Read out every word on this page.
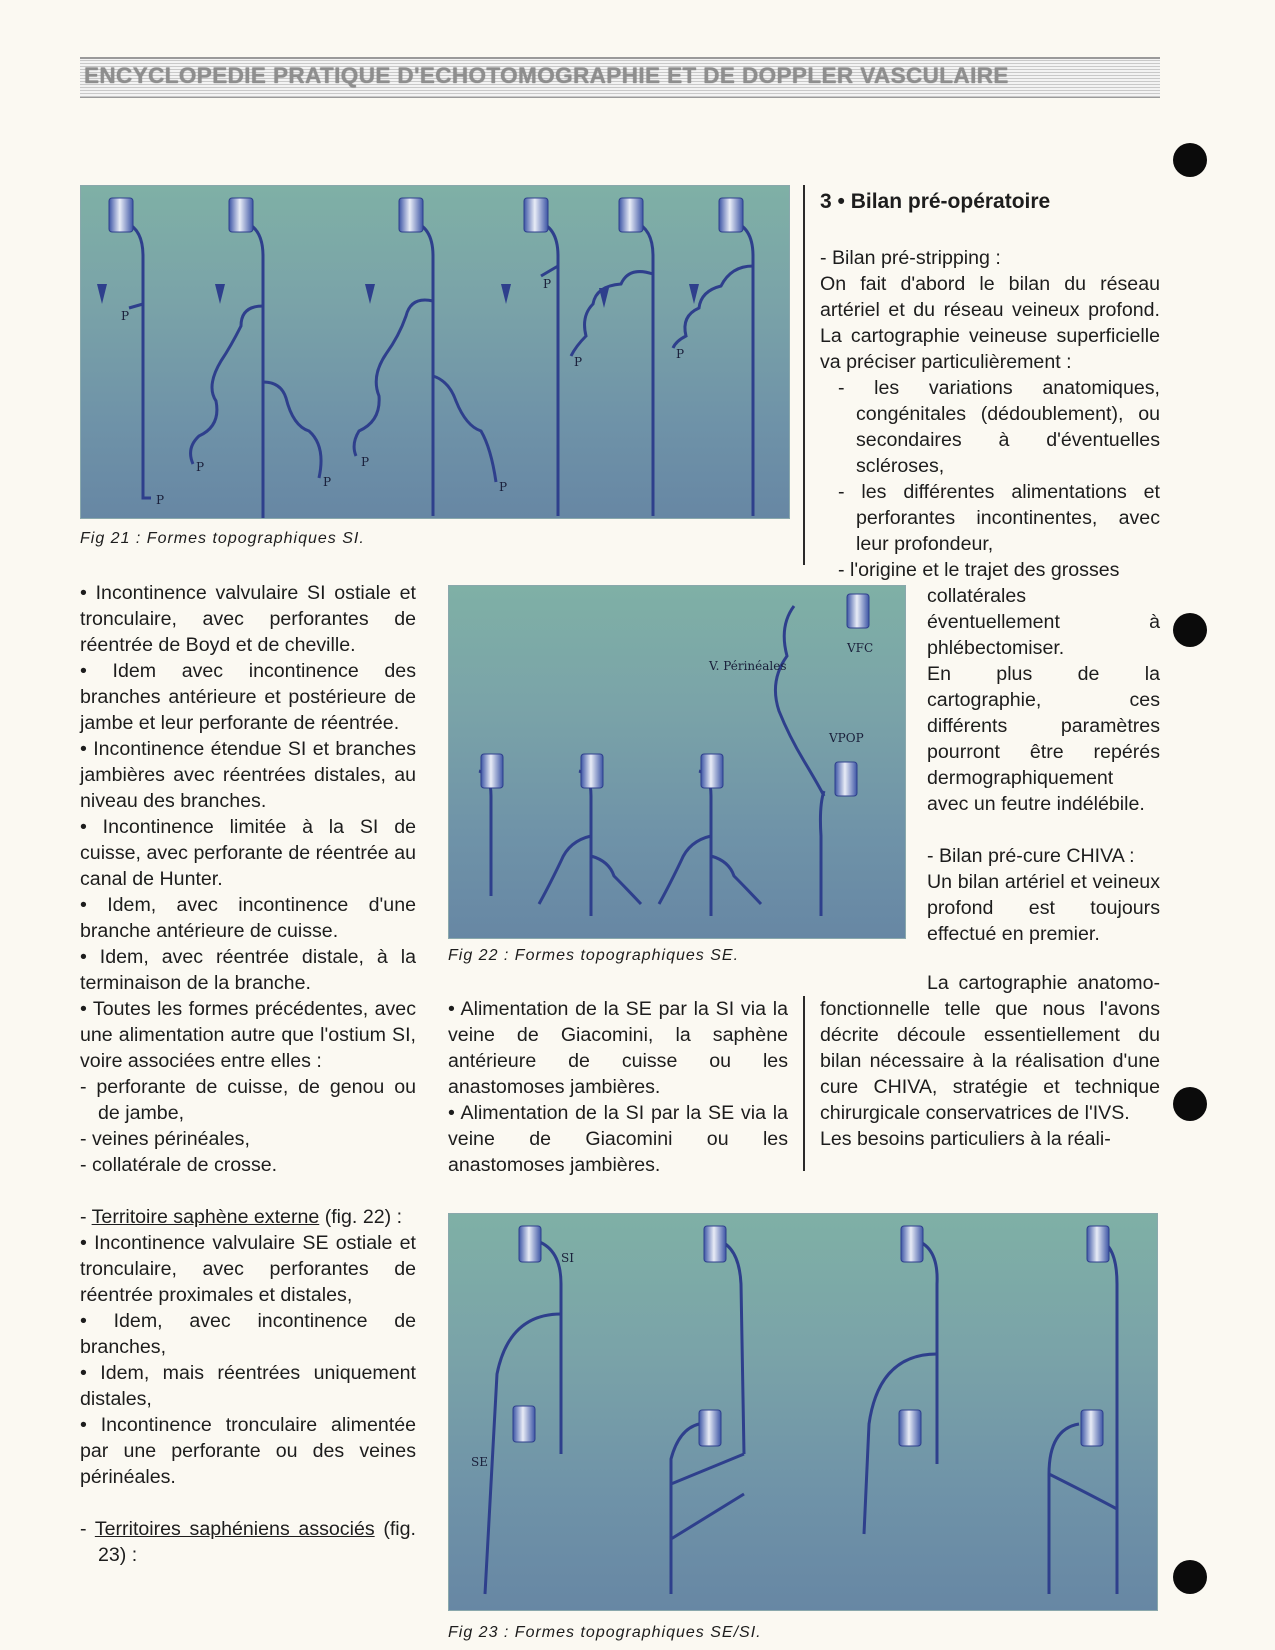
ENCYCLOPEDIE PRATIQUE D'ECHOTOMOGRAPHIE ET DE DOPPLER VASCULAIRE
P
P
P
P
P
P
P
P
P
Fig 21 : Formes topographiques SI.
V. Périnéales
VFC
VPOP
Fig 22 : Formes topographiques SE.
SI
SE
Fig 23 : Formes topographiques SE/SI.

• Incontinence valvulaire SI ostiale et tronculaire, avec perforantes de réentrée de Boyd et de cheville.

• Idem avec incontinence des branches antérieure et postérieure de jambe et leur perforante de réentrée.

• Incontinence étendue SI et branches jambières avec réentrées distales, au niveau des branches.

• Incontinence limitée à la SI de cuisse, avec perforante de réentrée au canal de Hunter.

• Idem, avec incontinence d'une branche antérieure de cuisse.

• Idem, avec réentrée distale, à la terminaison de la branche.

• Toutes les formes précédentes, avec une alimentation autre que l'ostium SI, voire associées entre elles :

- perforante de cuisse, de genou ou de jambe,

- veines périnéales,

- collatérale de crosse.

- Territoire saphène externe (fig. 22) :

• Incontinence valvulaire SE ostiale et tronculaire, avec perforantes de réentrée proximales et distales,

• Idem, avec incontinence de branches,

• Idem, mais réentrées uniquement distales,

• Incontinence tronculaire alimentée par une perforante ou des veines périnéales.

- Territoires saphéniens associés (fig. 23) :

• Alimentation de la SE par la SI via la veine de Giacomini, la saphène antérieure de cuisse ou les anastomoses jambières.

• Alimentation de la SI par la SE via la veine de Giacomini ou les anastomoses jambières.

3 • Bilan pré-opératoire

- Bilan pré-stripping :

On fait d'abord le bilan du réseau artériel et du réseau veineux profond. La cartographie veineuse superficielle va préciser particulièrement :

- les variations anatomiques, congénitales (dédoublement), ou secondaires à d'éventuelles scléroses,

- les différentes alimentations et perforantes incontinentes, avec leur profondeur,

- l'origine et le trajet des grosses

collatérales éventuellement à phlébectomiser.

En plus de la cartographie, ces différents paramètres pourront être repérés dermographiquement avec un feutre indélébile.

- Bilan pré-cure CHIVA :

Un bilan artériel et veineux profond est toujours effectué en premier.

La cartographie anatomo-fonctionnelle telle que nous l'avons décrite découle essentiellement du bilan nécessaire à la réalisation d'une cure CHIVA, stratégie et technique chirurgicale conservatrices de l'IVS.

Les besoins particuliers à la réali-
